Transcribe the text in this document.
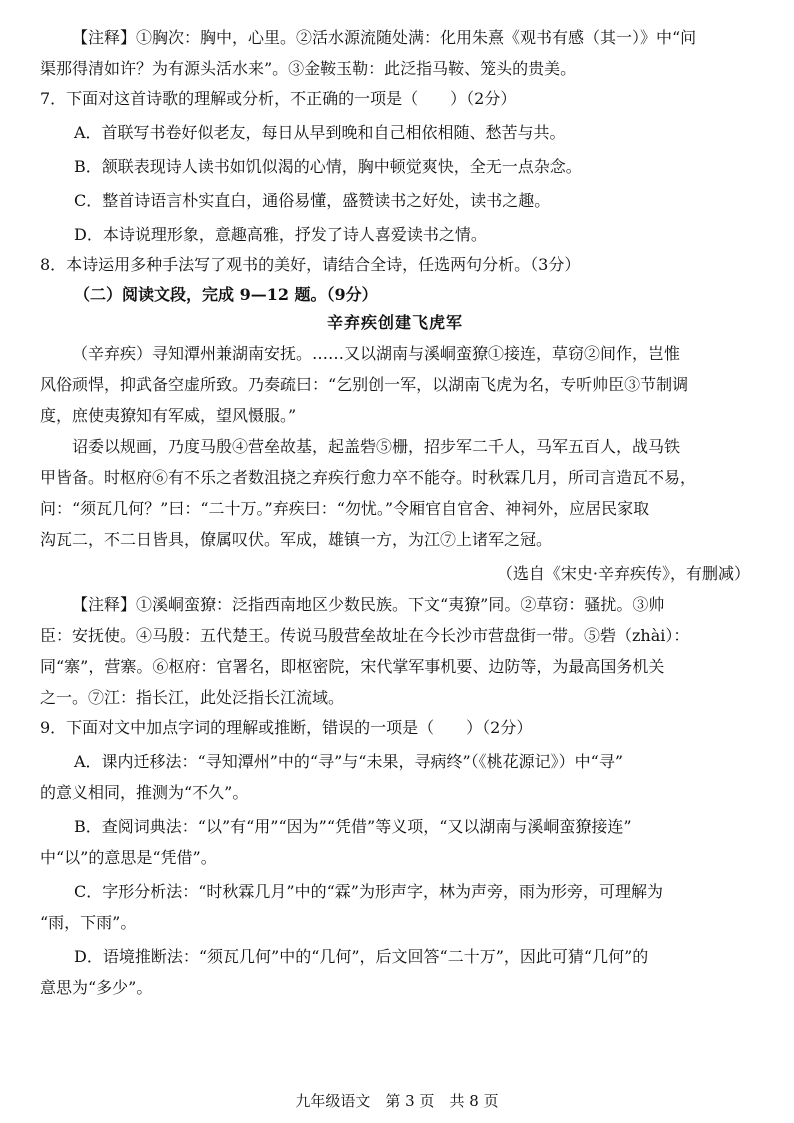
【注释】①胸次：胸中，心里。②活水源流随处满：化用朱熹《观书有感（其一）》中“问

渠那得清如许？为有源头活水来”。③金鞍玉勒：此泛指马鞍、笼头的贵美。

7．下面对这首诗歌的理解或分析，不正确的一项是（　　）（2分）

A．首联写书卷好似老友，每日从早到晚和自己相依相随、愁苦与共。

B．颔联表现诗人读书如饥似渴的心情，胸中顿觉爽快，全无一点杂念。

C．整首诗语言朴实直白，通俗易懂，盛赞读书之好处，读书之趣。

D．本诗说理形象，意趣高雅，抒发了诗人喜爱读书之情。

8．本诗运用多种手法写了观书的美好，请结合全诗，任选两句分析。（3分）

（二）阅读文段，完成 9—12 题。（9分）

辛弃疾创建飞虎军

（辛弃疾）寻知潭州兼湖南安抚。……又以湖南与溪峒蛮獠①接连，草窃②间作，岂惟

风俗顽悍，抑武备空虚所致。乃奏疏曰：“乞别创一军，以湖南飞虎为名，专听帅臣③节制调

度，庶使夷獠知有军威，望风慑服。”

诏委以规画，乃度马殷④营垒故基，起盖砦⑤栅，招步军二千人，马军五百人，战马铁

甲皆备。时枢府⑥有不乐之者数沮挠之弃疾行愈力卒不能夺。时秋霖几月，所司言造瓦不易，

问：“须瓦几何？”曰：“二十万。”弃疾曰：“勿忧。”令厢官自官舍、神祠外，应居民家取

沟瓦二，不二日皆具，僚属叹伏。军成，雄镇一方，为江⑦上诸军之冠。

（选自《宋史·辛弃疾传》，有删减）

【注释】①溪峒蛮獠：泛指西南地区少数民族。下文“夷獠”同。②草窃：骚扰。③帅

臣：安抚使。④马殷：五代楚王。传说马殷营垒故址在今长沙市营盘街一带。⑤砦（zhài）：

同“寨”，营寨。⑥枢府：官署名，即枢密院，宋代掌军事机要、边防等，为最高国务机关

之一。⑦江：指长江，此处泛指长江流域。

9．下面对文中加点字词的理解或推断，错误的一项是（　　）（2分）

A．课内迁移法：“寻知潭州”中的“寻”与“未果，寻病终”（《桃花源记》）中“寻”

的意义相同，推测为“不久”。

B．查阅词典法：“以”有“用”“因为”“凭借”等义项，“又以湖南与溪峒蛮獠接连”

中“以”的意思是“凭借”。

C．字形分析法：“时秋霖几月”中的“霖”为形声字，林为声旁，雨为形旁，可理解为

“雨，下雨”。

D．语境推断法：“须瓦几何”中的“几何”，后文回答“二十万”，因此可猜“几何”的

意思为“多少”。

九年级语文　第 3 页　共 8 页
